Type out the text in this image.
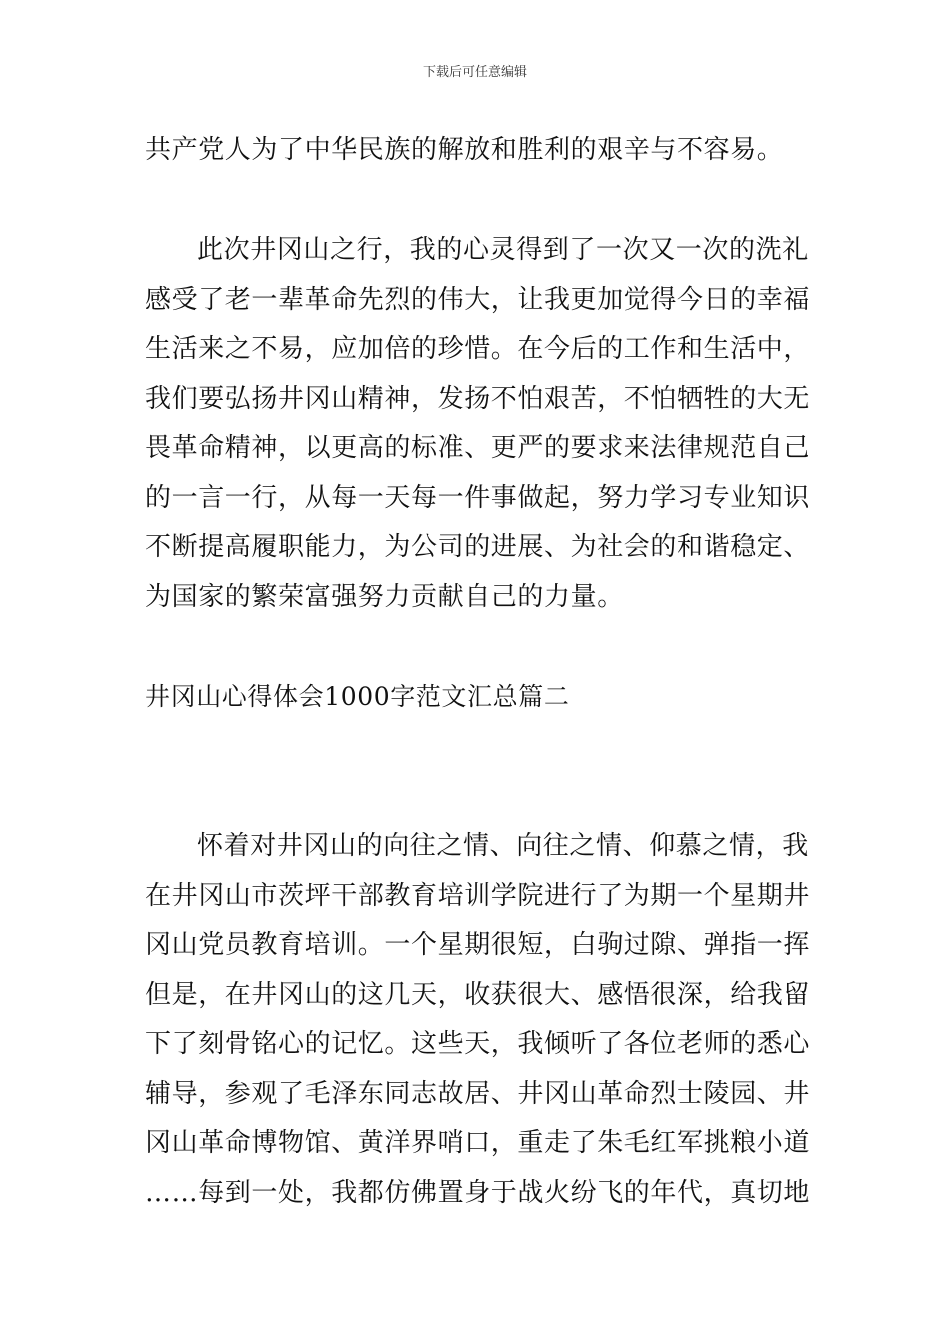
下载后可任意编辑
共产党人为了中华民族的解放和胜利的艰辛与不容易。
此次井冈山之行，我的心灵得到了一次又一次的洗礼
感受了老一辈革命先烈的伟大，让我更加觉得今日的幸福
生活来之不易，应加倍的珍惜。在今后的工作和生活中，
我们要弘扬井冈山精神，发扬不怕艰苦，不怕牺牲的大无
畏革命精神，以更高的标准、更严的要求来法律规范自己
的一言一行，从每一天每一件事做起，努力学习专业知识
不断提高履职能力，为公司的进展、为社会的和谐稳定、
为国家的繁荣富强努力贡献自己的力量。
井冈山心得体会1000字范文汇总篇二
怀着对井冈山的向往之情、向往之情、仰慕之情，我
在井冈山市茨坪干部教育培训学院进行了为期一个星期井
冈山党员教育培训。一个星期很短，白驹过隙、弹指一挥
但是，在井冈山的这几天，收获很大、感悟很深，给我留
下了刻骨铭心的记忆。这些天，我倾听了各位老师的悉心
辅导，参观了毛泽东同志故居、井冈山革命烈士陵园、井
冈山革命博物馆、黄洋界哨口，重走了朱毛红军挑粮小道
……每到一处，我都仿佛置身于战火纷飞的年代，真切地
